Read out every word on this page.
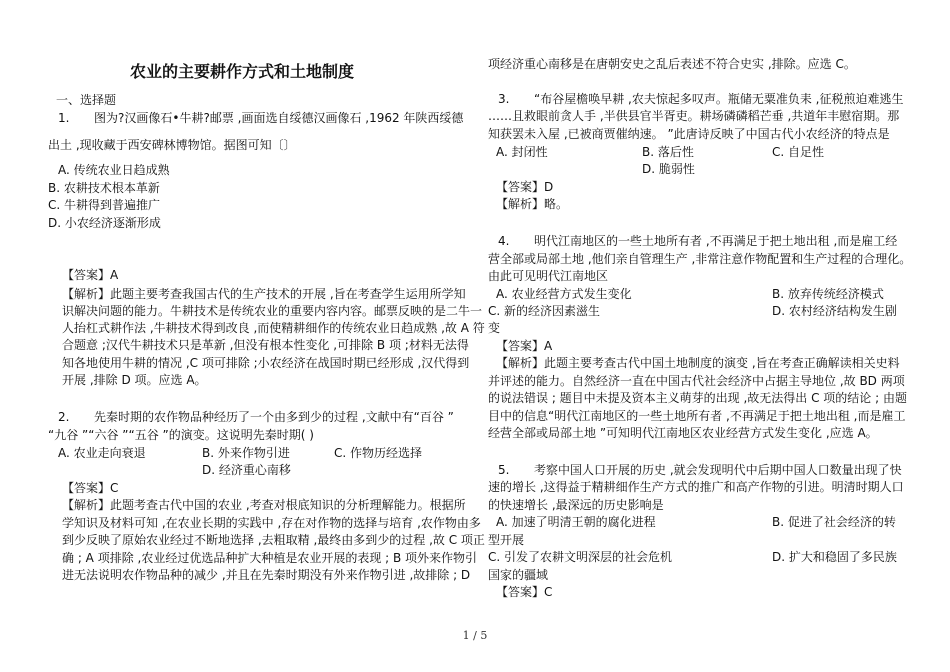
农业的主要耕作方式和土地制度
一、选择题
1. 图为?汉画像石•牛耕?邮票 ,画面选自绥德汉画像石 ,1962 年陕西绥德
出土 ,现收藏于西安碑林博物馆。据图可知〔〕
A. 传统农业日趋成熟
B. 农耕技术根本革新
C. 牛耕得到普遍推广
D. 小农经济逐渐形成
【答案】A
【解析】此题主要考查我国古代的生产技术的开展 ,旨在考查学生运用所学知
识解决问题的能力。牛耕技术是传统农业的重要内容内容。邮票反映的是二牛一
人抬杠式耕作法 ,牛耕技术得到改良 ,而使精耕细作的传统农业日趋成熟 ,故 A 符
合题意 ;汉代牛耕技术只是革新 ,但没有根本性变化 ,可排除 B 项 ;材料无法得
知各地使用牛耕的情况 ,C 项可排除 ;小农经济在战国时期已经形成 ,汉代得到
开展 ,排除 D 项。应选 A。
2. 先秦时期的农作物品种经历了一个由多到少的过程 ,文献中有“百谷 ”
“九谷 ”“六谷 ”“五谷 ”的演变。这说明先秦时期( )
A. 农业走向衰退	B. 外来作物引进	C. 作物历经选择
D. 经济重心南移
【答案】C
【解析】此题考查古代中国的农业 ,考查对根底知识的分析理解能力。根据所
学知识及材料可知 ,在农业长期的实践中 ,存在对作物的选择与培育 ,农作物由多
到少反映了原始农业经过不断地选择 ,去粗取精 ,最终由多到少的过程 ,故 C 项正
确 ; A 项排除 ,农业经过优选品种扩大种植是农业开展的表现 ; B 项外来作物引
进无法说明农作物品种的减少 ,并且在先秦时期没有外来作物引进 ,故排除 ; D
项经济重心南移是在唐朝安史之乱后表述不符合史实 ,排除。应选 C。
3. “布谷屋檐唤早耕 ,农夫惊起多叹声。瓶储无粟准负耒 ,征税煎迫难逃生
……且救眼前贪人手 ,半供县官半胥吏。耕场磷磷稻芒垂 ,共道年丰慰宿期。那
知获罢未入屋 ,已被商贾催纳速。 ”此唐诗反映了中国古代小农经济的特点是
A. 封闭性	B. 落后性	C. 自足性
D. 脆弱性
【答案】D
【解析】略。
4. 明代江南地区的一些土地所有者 ,不再满足于把土地出租 ,而是雇工经
营全部或局部土地 ,他们亲自管理生产 ,非常注意作物配置和生产过程的合理化。
由此可见明代江南地区
A. 农业经营方式发生变化	B. 放弃传统经济模式
C. 新的经济因素滋生	D. 农村经济结构发生剧
变
【答案】A
【解析】此题主要考查古代中国土地制度的演变 ,旨在考查正确解读相关史料
并评述的能力。自然经济一直在中国古代社会经济中占据主导地位 ,故 BD 两项
的说法错误 ; 题目中未提及资本主义萌芽的出现 ,故无法得出 C 项的结论 ; 由题
目中的信息“明代江南地区的一些土地所有者 ,不再满足于把土地出租 ,而是雇工
经营全部或局部土地 ”可知明代江南地区农业经营方式发生变化 ,应选 A。
5. 考察中国人口开展的历史 ,就会发现明代中后期中国人口数量出现了快
速的增长 ,这得益于精耕细作生产方式的推广和高产作物的引进。明清时期人口
的快速增长 ,最深远的历史影响是
A. 加速了明清王朝的腐化进程	B. 促进了社会经济的转
型开展
C. 引发了农耕文明深层的社会危机	D. 扩大和稳固了多民族
国家的疆域
【答案】C
1 / 5
